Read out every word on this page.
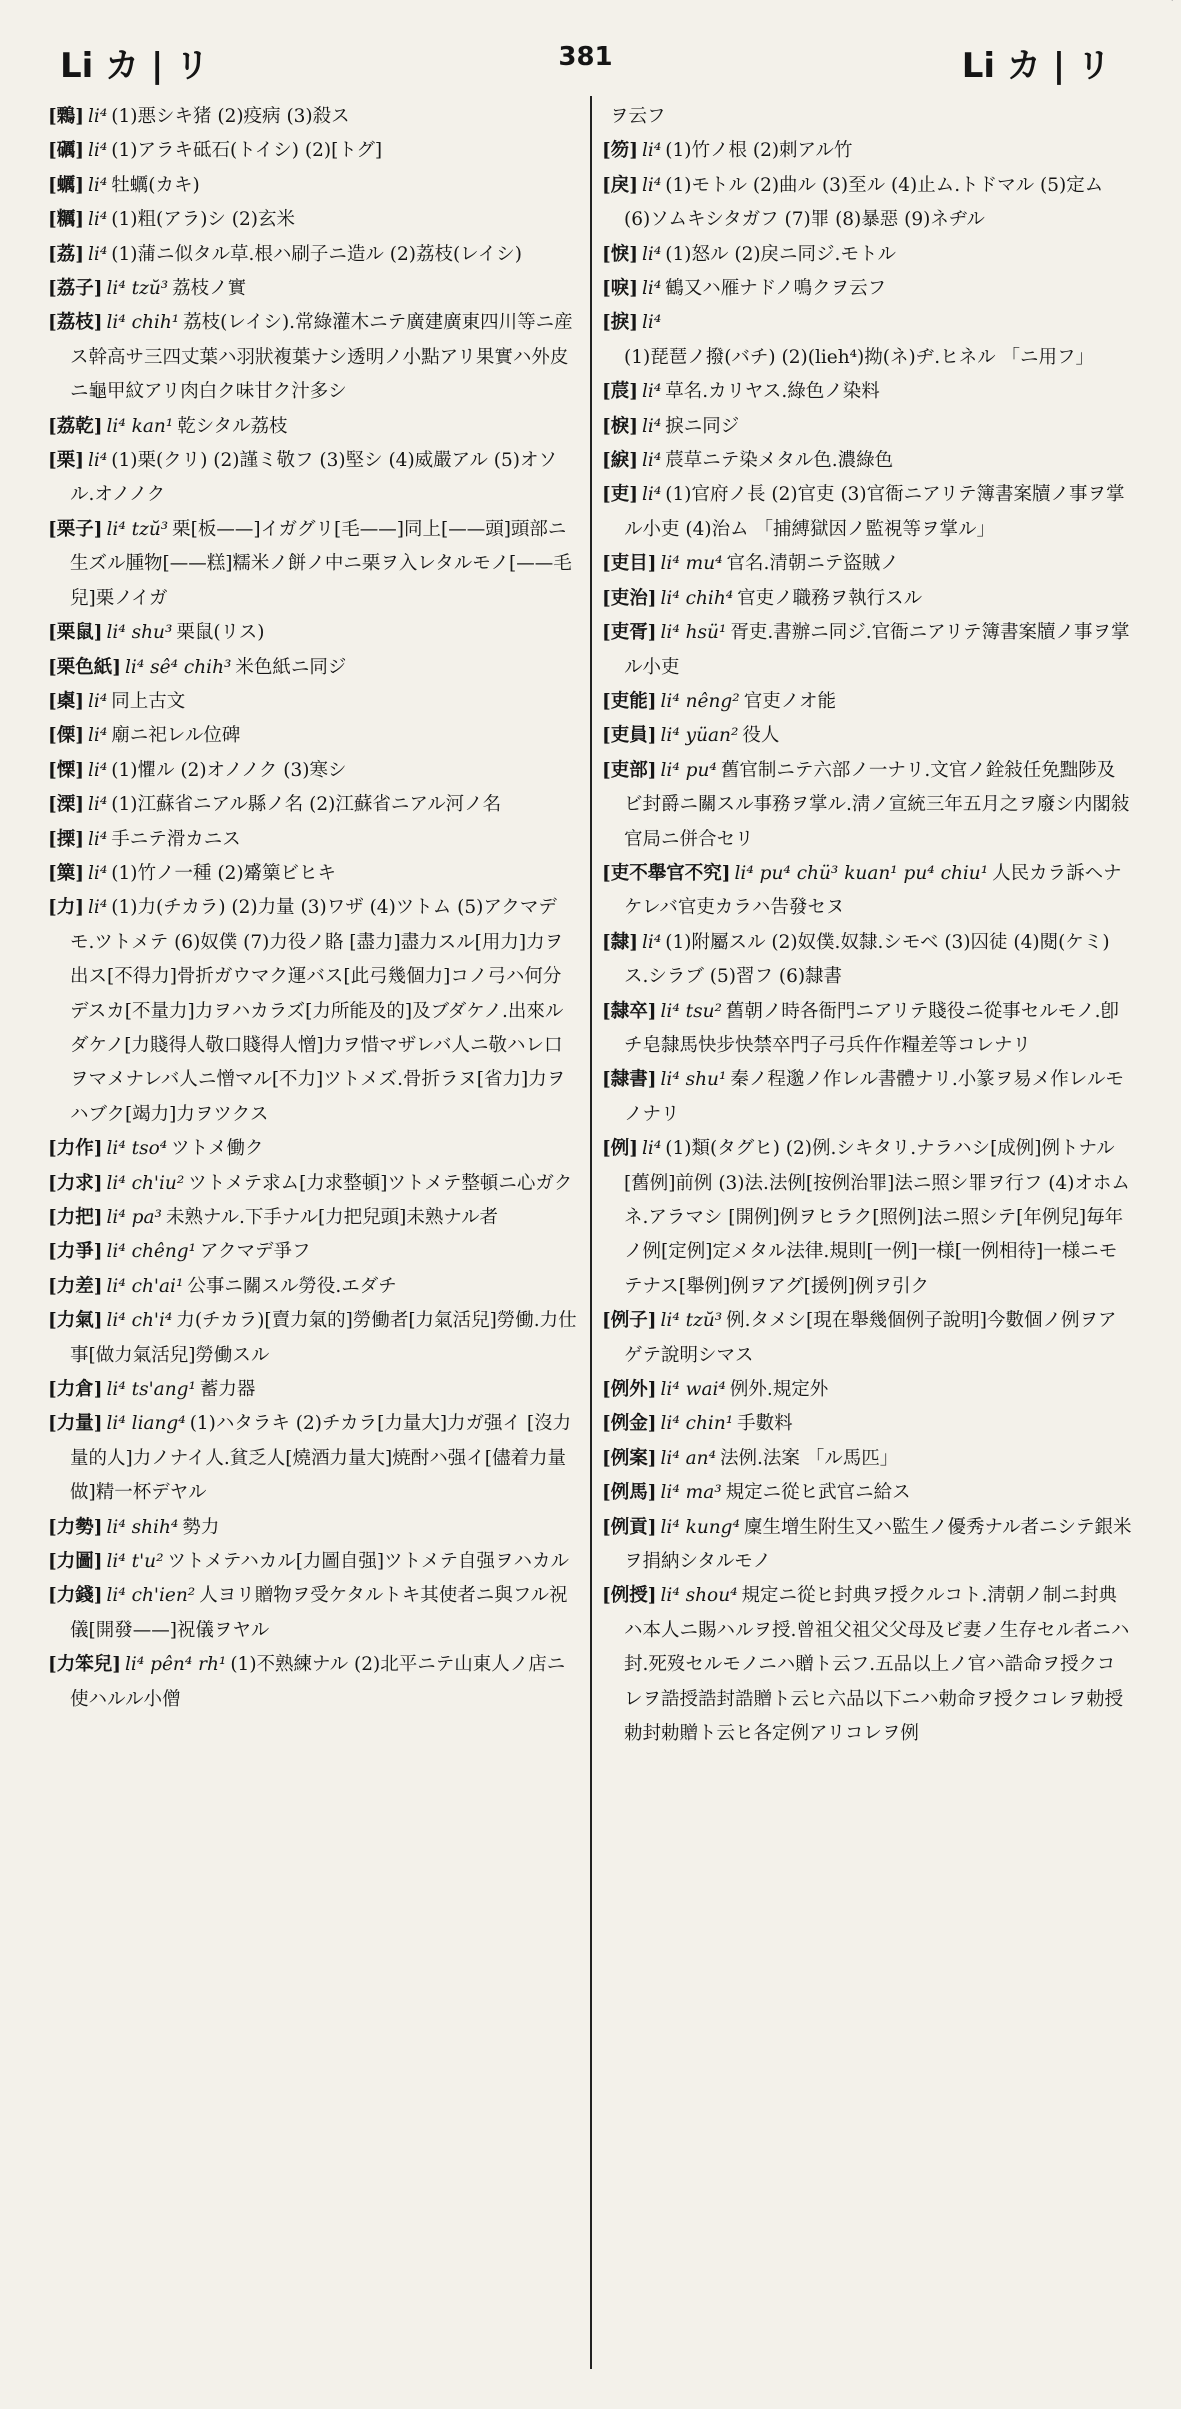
Li カ | リ	381	Li カ | リ
[鷅] li⁴ (1)悪シキ猪 (2)疫病 (3)殺ス
[礪] li⁴ (1)アラキ砥石(トイシ) (2)[トグ]
[蠣] li⁴ 牡蠣(カキ)
[糲] li⁴ (1)粗(アラ)シ (2)玄米
[荔] li⁴ (1)蒲ニ似タル草.根ハ刷子ニ造ル (2)荔枝(レイシ)
[荔子] li⁴ tzŭ³ 荔枝ノ實
[荔枝] li⁴ chih¹ 荔枝(レイシ).常綠灌木ニテ廣建廣東四川等ニ産ス幹高サ三四丈葉ハ羽狀複葉ナシ透明ノ小點アリ果實ハ外皮ニ龜甲紋アリ肉白ク味甘ク汁多シ
[荔乾] li⁴ kan¹ 乾シタル荔枝
[栗] li⁴ (1)栗(クリ) (2)謹ミ敬フ (3)堅シ (4)威嚴アル (5)オソル.オノノク
[栗子] li⁴ tzŭ³ 栗[板——]イガグリ[毛——]同上[——頭]頭部ニ生ズル腫物[——糕]糯米ノ餅ノ中ニ栗ヲ入レタルモノ[——毛兒]栗ノイガ
[栗鼠] li⁴ shu³ 栗鼠(リス)
[栗色紙] li⁴ sê⁴ chih³ 米色紙ニ同ジ
[㮚] li⁴ 同上古文
[傈] li⁴ 廟ニ祀レル位碑
[慄] li⁴ (1)懼ル (2)オノノク (3)寒シ
[溧] li⁴ (1)江蘇省ニアル縣ノ名 (2)江蘇省ニアル河ノ名
[搮] li⁴ 手ニテ滑カニス
[篥] li⁴ (1)竹ノ一種 (2)觱篥ビヒキ
[力] li⁴ (1)力(チカラ) (2)力量 (3)ワザ (4)ツトム (5)アクマデモ.ツトメテ (6)奴僕 (7)力役ノ賂 [盡力]盡力スル[用力]力ヲ出ス[不得力]骨折ガウマク運バス[此弓幾個力]コノ弓ハ何分デスカ[不量力]力ヲハカラズ[力所能及的]及ブダケノ.出來ルダケノ[力賤得人敬口賤得人憎]力ヲ惜マザレバ人ニ敬ハレ口ヲマメナレバ人ニ憎マル[不力]ツトメズ.骨折ラヌ[省力]力ヲハブク[竭力]力ヲツクス
[力作] li⁴ tso⁴ ツトメ働ク
[力求] li⁴ ch'iu² ツトメテ求ム[力求整頓]ツトメテ整頓ニ心ガク
[力把] li⁴ pa³ 未熟ナル.下手ナル[力把兒頭]未熟ナル者
[力爭] li⁴ chêng¹ アクマデ爭フ
[力差] li⁴ ch'ai¹ 公事ニ關スル勞役.エダチ
[力氣] li⁴ ch'i⁴ 力(チカラ)[賣力氣的]勞働者[力氣活兒]勞働.力仕事[做力氣活兒]勞働スル
[力倉] li⁴ ts'ang¹ 蓄力器
[力量] li⁴ liang⁴ (1)ハタラキ (2)チカラ[力量大]力ガ强イ [沒力量的人]力ノナイ人.貧乏人[燒酒力量大]焼酎ハ强イ[儘着力量做]精一杯デヤル
[力勢] li⁴ shih⁴ 勢力
[力圖] li⁴ t'u² ツトメテハカル[力圖自强]ツトメテ自强ヲハカル
[力錢] li⁴ ch'ien² 人ヨリ贈物ヲ受ケタルトキ其使者ニ與フル祝儀[開發——]祝儀ヲヤル
[力笨兒] li⁴ pên⁴ rh¹ (1)不熟練ナル (2)北平ニテ山東人ノ店ニ使ハルル小僧
ヲ云フ
[笏] li⁴ (1)竹ノ根 (2)刺アル竹
[戾] li⁴ (1)モトル (2)曲ル (3)至ル (4)止ム.トドマル (5)定ム (6)ソムキシタガフ (7)罪 (8)暴惡 (9)ネヂル
[悷] li⁴ (1)怒ル (2)戾ニ同ジ.モトル
[唳] li⁴ 鶴又ハ雁ナドノ鳴クヲ云フ
[捩] li⁴(1)琵琶ノ撥(バチ) (2)(lieh⁴)拗(ネ)ヂ.ヒネル 「ニ用フ」
[莀] li⁴ 草名.カリヤス.綠色ノ染料
[棙] li⁴ 捩ニ同ジ
[綟] li⁴ 莀草ニテ染メタル色.濃綠色
[吏] li⁴ (1)官府ノ長 (2)官吏 (3)官衙ニアリテ簿書案牘ノ事ヲ掌ル小吏 (4)治ム 「捕縛獄因ノ監視等ヲ掌ル」
[吏目] li⁴ mu⁴ 官名.清朝ニテ盜賊ノ
[吏治] li⁴ chih⁴ 官吏ノ職務ヲ執行スル
[吏胥] li⁴ hsü¹ 胥吏.書辦ニ同ジ.官衙ニアリテ簿書案牘ノ事ヲ掌ル小吏
[吏能] li⁴ nêng² 官吏ノオ能
[吏員] li⁴ yüan² 役人
[吏部] li⁴ pu⁴ 舊官制ニテ六部ノ一ナリ.文官ノ銓敍任免黜陟及ビ封爵ニ關スル事務ヲ掌ル.淸ノ宣統三年五月之ヲ廢シ内閣敍官局ニ併合セリ
[吏不舉官不究] li⁴ pu⁴ chü³ kuan¹ pu⁴ chiu¹ 人民カラ訴ヘナケレバ官吏カラハ告發セヌ
[隸] li⁴ (1)附屬スル (2)奴僕.奴隸.シモベ (3)囚徒 (4)閱(ケミ)ス.シラブ (5)習フ (6)隸書
[隸卒] li⁴ tsu² 舊朝ノ時各衙門ニアリテ賤役ニ從事セルモノ.卽チ皂隸馬快步快禁卒門子弓兵仵作糧差等コレナリ
[隸書] li⁴ shu¹ 秦ノ程邈ノ作レル書體ナリ.小篆ヲ易メ作レルモノナリ
[例] li⁴ (1)類(タグヒ) (2)例.シキタリ.ナラハシ[成例]例トナル[舊例]前例 (3)法.法例[按例治罪]法ニ照シ罪ヲ行フ (4)オホムネ.アラマシ [開例]例ヲヒラク[照例]法ニ照シテ[年例兒]毎年ノ例[定例]定メタル法律.規則[一例]一様[一例相待]一様ニモテナス[舉例]例ヲアグ[援例]例ヲ引ク
[例子] li⁴ tzŭ³ 例.タメシ[現在舉幾個例子說明]今數個ノ例ヲアゲテ說明シマス
[例外] li⁴ wai⁴ 例外.規定外
[例金] li⁴ chin¹ 手數料
[例案] li⁴ an⁴ 法例.法案 「ル馬匹」
[例馬] li⁴ ma³ 規定ニ從ヒ武官ニ給ス
[例貢] li⁴ kung⁴ 廩生增生附生又ハ監生ノ優秀ナル者ニシテ銀米ヲ捐納シタルモノ
[例授] li⁴ shou⁴ 規定ニ從ヒ封典ヲ授クルコト.淸朝ノ制ニ封典ハ本人ニ賜ハルヲ授.曾祖父祖父父母及ビ妻ノ生存セル者ニハ封.死歿セルモノニハ贈ト云フ.五品以上ノ官ハ誥命ヲ授クコレヲ誥授誥封誥贈ト云ヒ六品以下ニハ勅命ヲ授クコレヲ勅授勅封勅贈ト云ヒ各定例アリコレヲ例
